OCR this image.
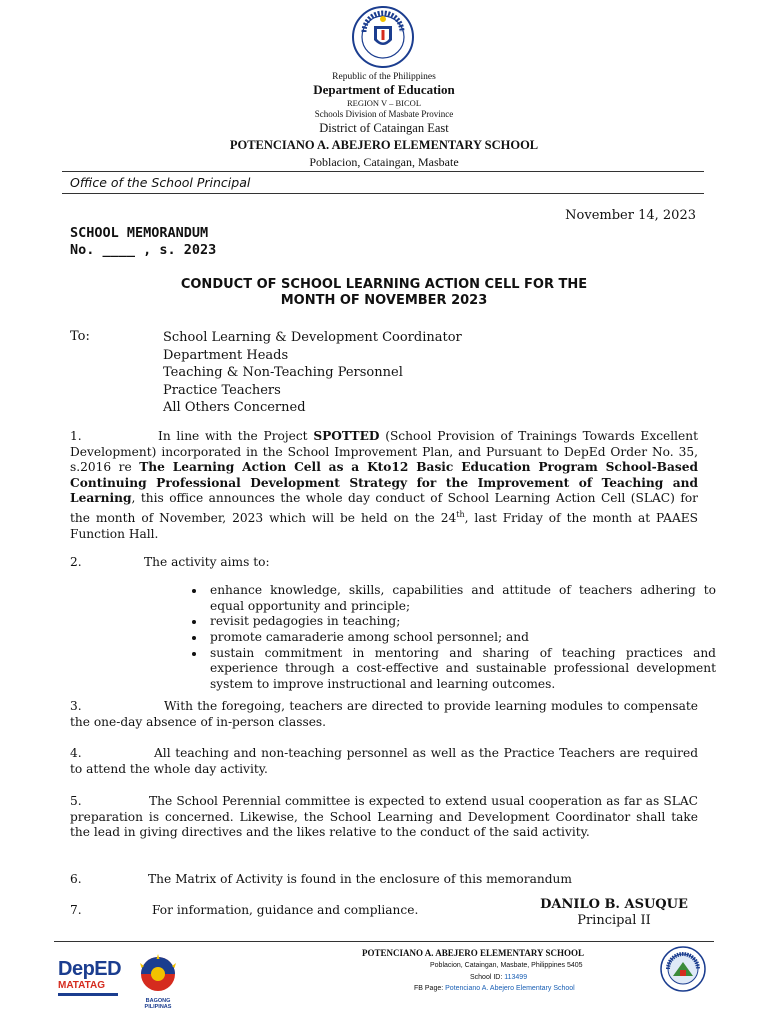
Republic of the Philippines
Department of Education
REGION V – BICOL
Schools Division of Masbate Province
District of Cataingan East
POTENCIANO A. ABEJERO ELEMENTARY SCHOOL
Poblacion, Cataingan, Masbate
Office of the School Principal
November 14, 2023
SCHOOL MEMORANDUM
No. ____ , s. 2023
CONDUCT OF SCHOOL LEARNING ACTION CELL FOR THE
MONTH OF NOVEMBER 2023
To:	School Learning & Development Coordinator
Department Heads
Teaching & Non-Teaching Personnel
Practice Teachers
All Others Concerned
1.	In line with the Project SPOTTED (School Provision of Trainings Towards Excellent Development) incorporated in the School Improvement Plan, and Pursuant to DepEd Order No. 35, s.2016 re The Learning Action Cell as a Kto12 Basic Education Program School-Based Continuing Professional Development Strategy for the Improvement of Teaching and Learning, this office announces the whole day conduct of School Learning Action Cell (SLAC) for the month of November, 2023 which will be held on the 24th, last Friday of the month at PAAES Function Hall.
2.	The activity aims to:
• enhance knowledge, skills, capabilities and attitude of teachers adhering to equal opportunity and principle;
• revisit pedagogies in teaching;
• promote camaraderie among school personnel; and
• sustain commitment in mentoring and sharing of teaching practices and experience through a cost-effective and sustainable professional development system to improve instructional and learning outcomes.
3.	With the foregoing, teachers are directed to provide learning modules to compensate the one-day absence of in-person classes.
4.	All teaching and non-teaching personnel as well as the Practice Teachers are required to attend the whole day activity.
5.	The School Perennial committee is expected to extend usual cooperation as far as SLAC preparation is concerned. Likewise, the School Learning and Development Coordinator shall take the lead in giving directives and the likes relative to the conduct of the said activity.
6.	The Matrix of Activity is found in the enclosure of this memorandum
7.	For information, guidance and compliance.	DANILO B. ASUQUE
Principal II
DepED
MATATAG
BAGONG PILIPINAS
POTENCIANO A. ABEJERO ELEMENTARY SCHOOL
Poblacion, Cataingan, Masbate, Philippines 5405
School ID: 113499
FB Page: Potenciano A. Abejero Elementary School
